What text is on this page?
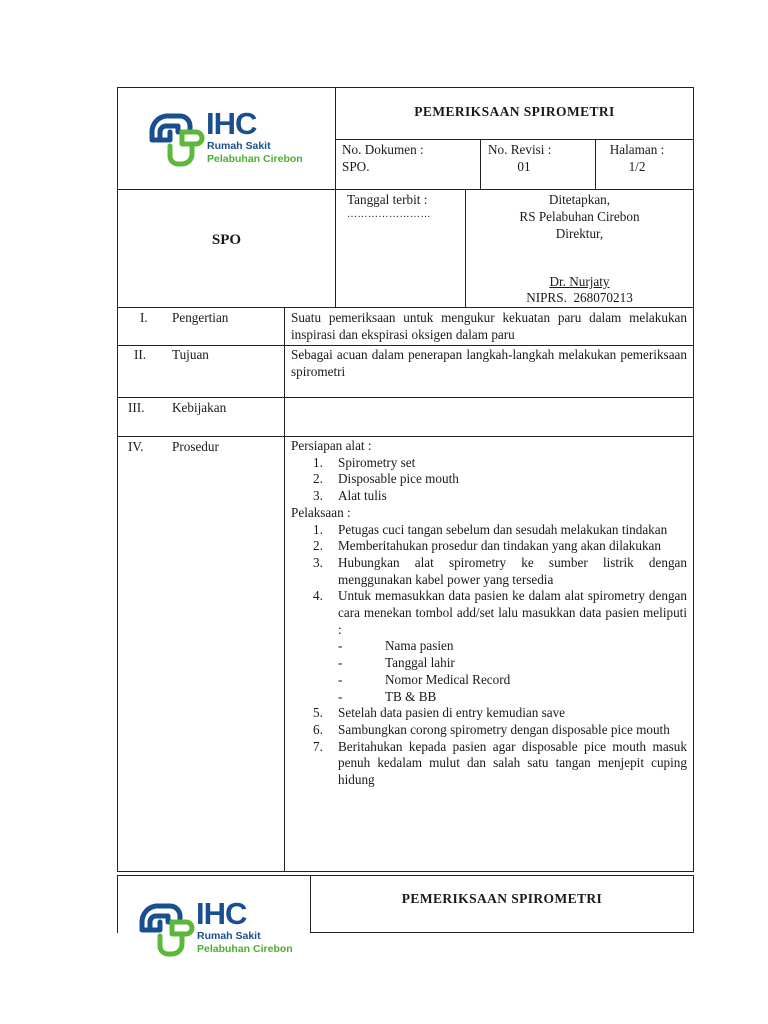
IHC
Rumah Sakit
Pelabuhan Cirebon
PEMERIKSAAN SPIROMETRI
No. Dokumen :
SPO.
No. Revisi :
01
Halaman :
1/2
SPO
Tanggal terbit :
……………………
Ditetapkan,
RS Pelabuhan Cirebon
Direktur,
Dr. Nurjaty
NIPRS.  268070213
I. Pengertian	Suatu pemeriksaan untuk mengukur kekuatan paru dalam melakukan inspirasi dan ekspirasi oksigen dalam paru
II. Tujuan	Sebagai acuan dalam penerapan langkah-langkah melakukan pemeriksaan spirometri
III. Kebijakan
IV. Prosedur	Persiapan alat :
1. Spirometry set
2. Disposable pice mouth
3. Alat tulis
Pelaksaan :
1. Petugas cuci tangan sebelum dan sesudah melakukan tindakan
2. Memberitahukan prosedur dan tindakan yang akan dilakukan
3. Hubungkan alat spirometry ke sumber listrik dengan menggunakan kabel power yang tersedia
4. Untuk memasukkan data pasien ke dalam alat spirometry dengan cara menekan tombol add/set lalu masukkan data pasien meliputi :
-	Nama pasien
-	Tanggal lahir
-	Nomor Medical Record
-	TB & BB
5. Setelah data pasien di entry kemudian save
6. Sambungkan corong spirometry dengan disposable pice mouth
7. Beritahukan kepada pasien agar disposable pice mouth masuk penuh kedalam mulut dan salah satu tangan menjepit cuping hidung
IHC
Rumah Sakit
Pelabuhan Cirebon
PEMERIKSAAN SPIROMETRI
